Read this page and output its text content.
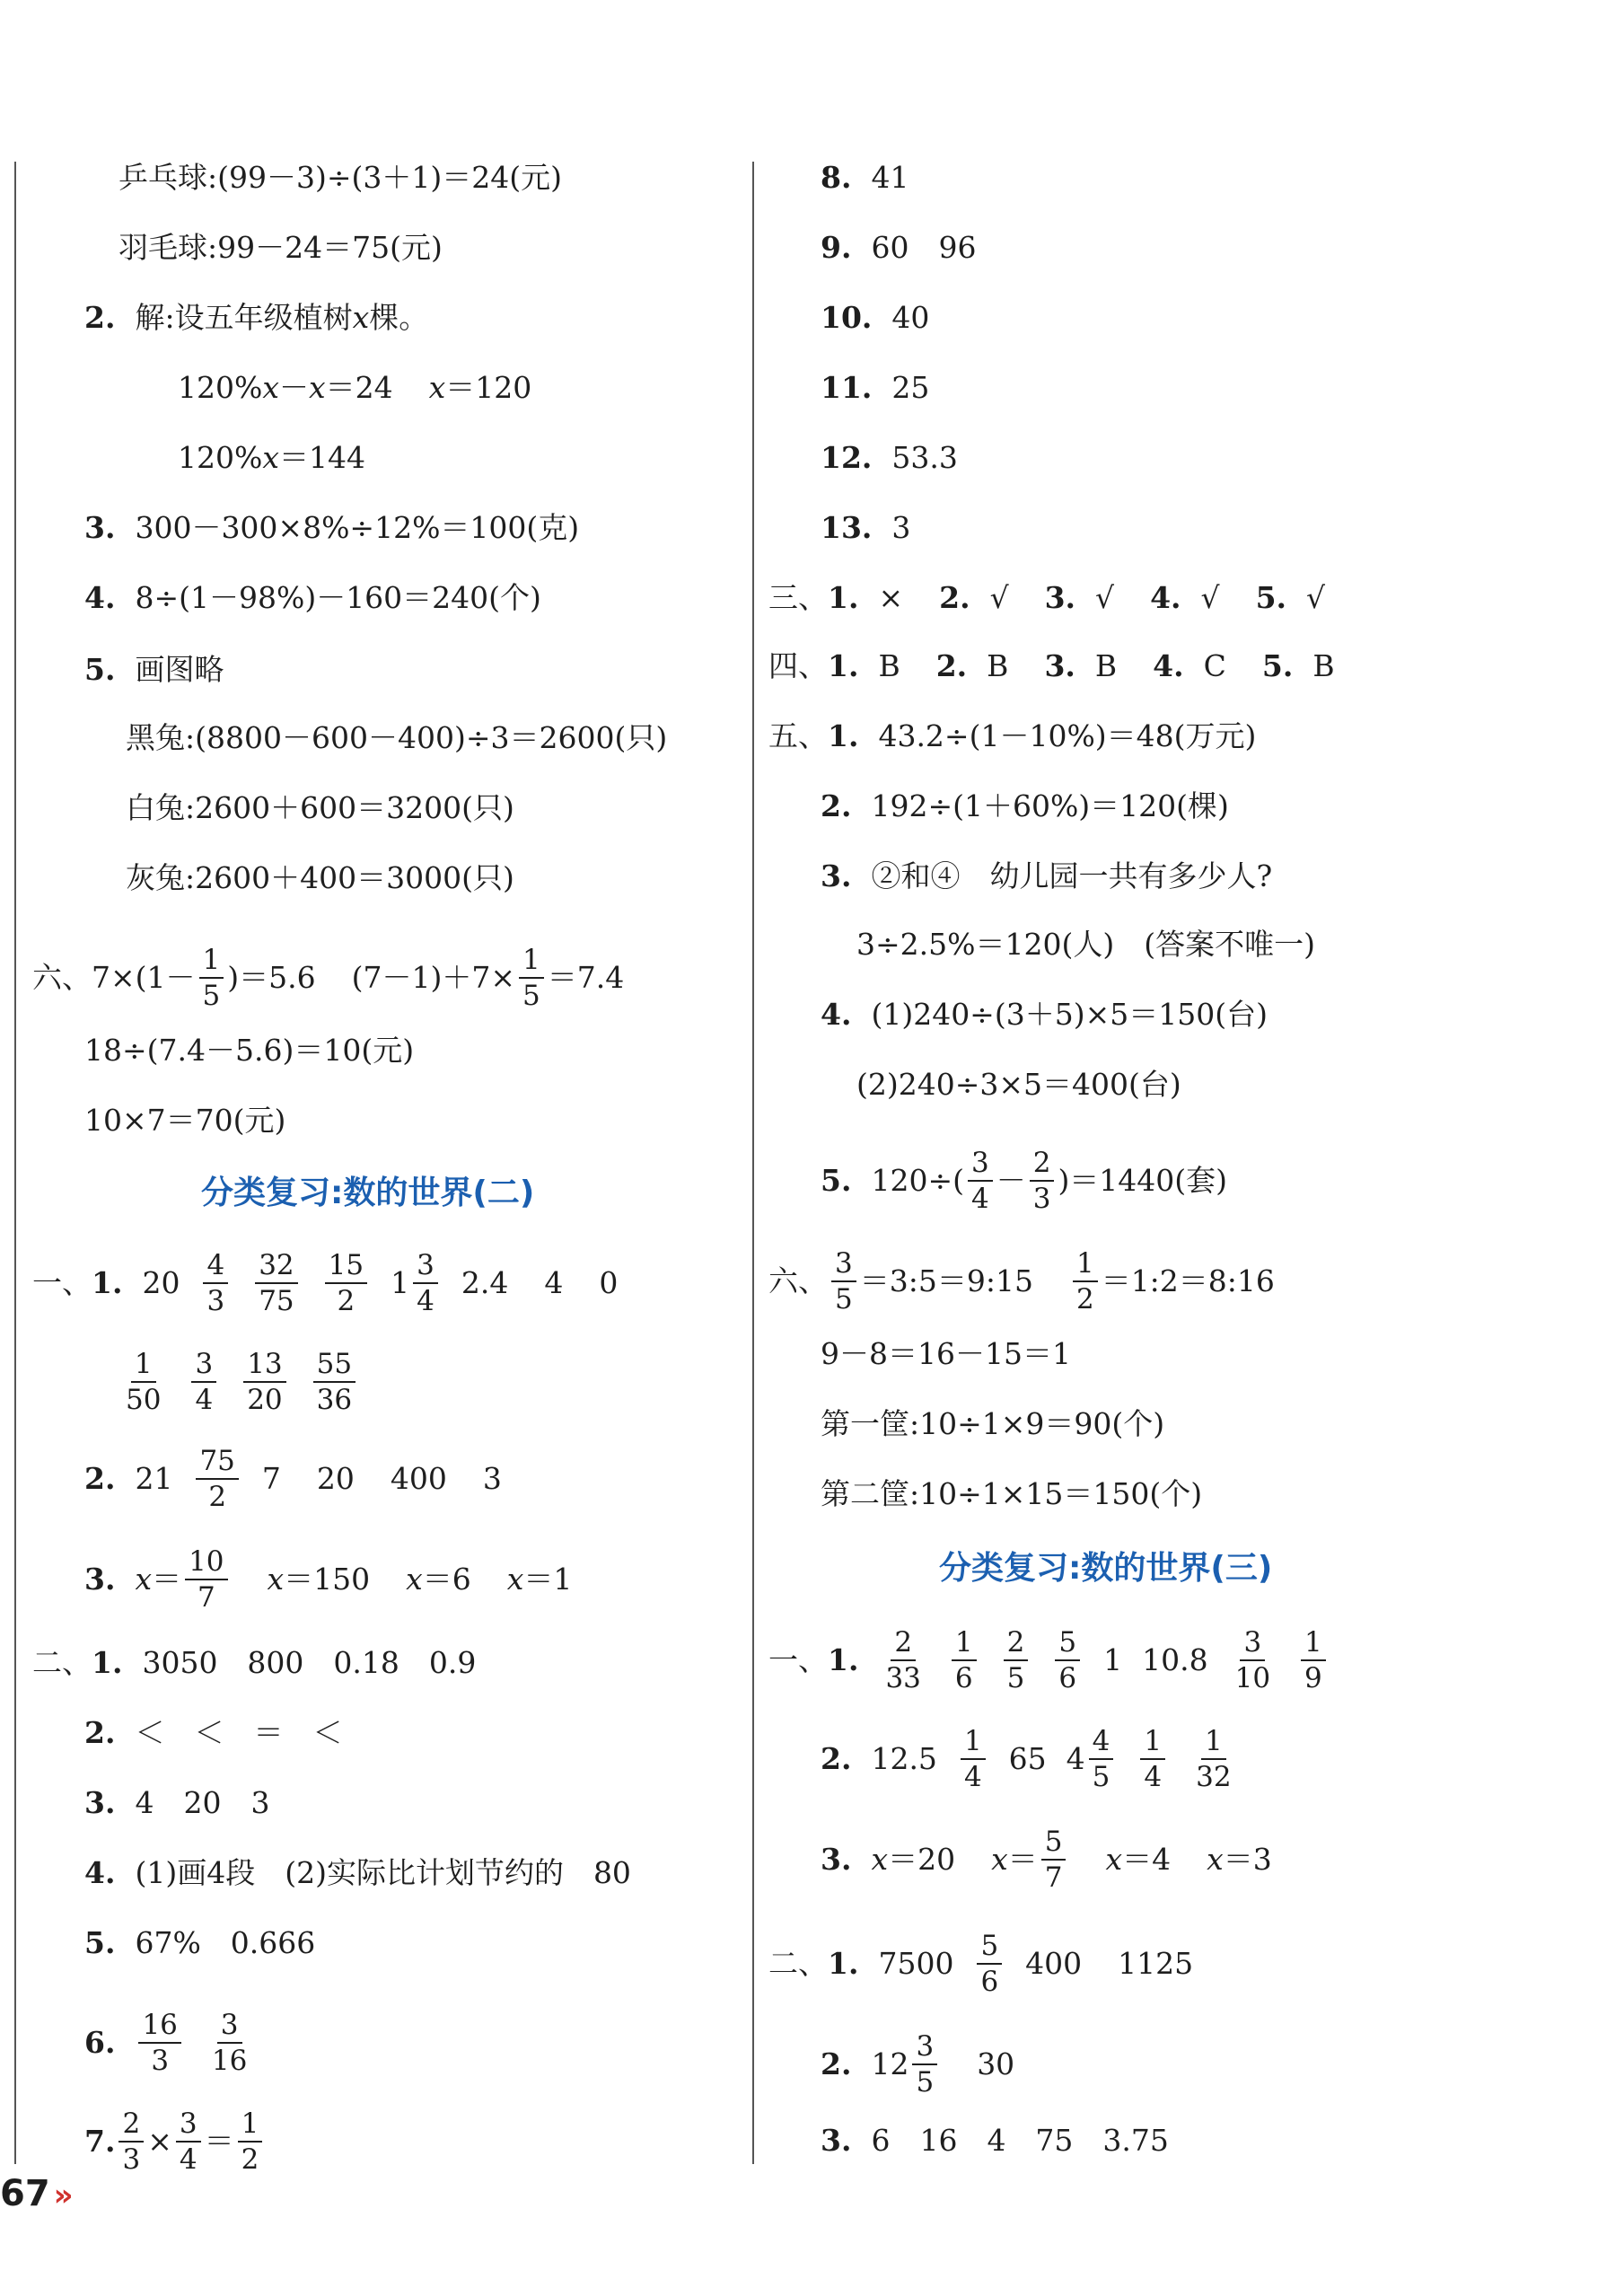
乒乓球:(99－3)÷(3＋1)＝24(元)
羽毛球:99－24＝75(元)
2. 解:设五年级植树 x 棵。
120% x － x ＝24 x ＝120
120% x ＝144
3. 300－300×8%÷12%＝100(克)
4. 8÷(1－98%)－160＝240(个)
5. 画图略
黑兔:(8800－600－400)÷3＝2600(只)
白兔:2600＋600＝3200(只)
灰兔:2600＋400＝3000(只)
六、$7\times(1- \frac{1}{5} )=5.6$ $(7-1)+7\times \frac{1}{5} =7.4$
18÷(7.4－5.6)＝10(元)
10×7＝70(元)
分类复习:数的世界(二)
一、 1. $20 \frac{4}{3} \frac{32}{75} \frac{15}{2} 1 \frac{3}{4} 2.4$ 4 0
$\frac{1}{50} \frac{3}{4} \frac{13}{20} \frac{55}{36}$
2. $21 \frac{75}{2} 7$ 20 400 3
3. $x = \frac{10}{7}$ x ＝150 x ＝6 x ＝1
二、 1. 3050　800　0.18　0.9
2. ＜　＜　＝　＜
3. 4　20　3
4. (1)画4段　(2)实际比计划节约的　80
5. 67%　0.666
6. $\frac{16}{3} \frac{3}{16}$
7. $\frac{2}{3} \times \frac{3}{4} = \frac{1}{2}$
8. 41
9. 60　96
10. 40
11. 25
12. 53.3
13. 3
三、 1. × 2. √ 3. √ 4. √ 5. √
四、 1. B 2. B 3. B 4. C 5. B
五、 1. 43.2÷(1－10%)＝48(万元)
2. 192÷(1＋60%)＝120(棵)
3. ②和④　幼儿园一共有多少人?
3÷2.5%＝120(人)　(答案不唯一)
4. (1)240÷(3＋5)×5＝150(台)
(2)240÷3×5＝400(台)
5. $120\div( \frac{3}{4} - \frac{2}{3} )=1440$(套)
六、 $\frac{3}{5}$ ＝3:5＝9:15 $\frac{1}{2}$ ＝1:2＝8:16
9－8＝16－15＝1
第一筐:10÷1×9＝90(个)
第二筐:10÷1×15＝150(个)
分类复习:数的世界(三)
一、 1. $\frac{2}{33} \frac{1}{6} \frac{2}{5} \frac{5}{6} 1$ $10.8 \frac{3}{10} \frac{1}{9}$
2. $12.5 \frac{1}{4} 65$ $4 \frac{4}{5} \frac{1}{4} \frac{1}{32}$
3. x ＝20 $x = \frac{5}{7}$ x ＝4 x ＝3
二、 1. $7500 \frac{5}{6} 400$ 1125
2. $12 \frac{3}{5} 30$
3. 6　16　4　75　3.75
67 »
